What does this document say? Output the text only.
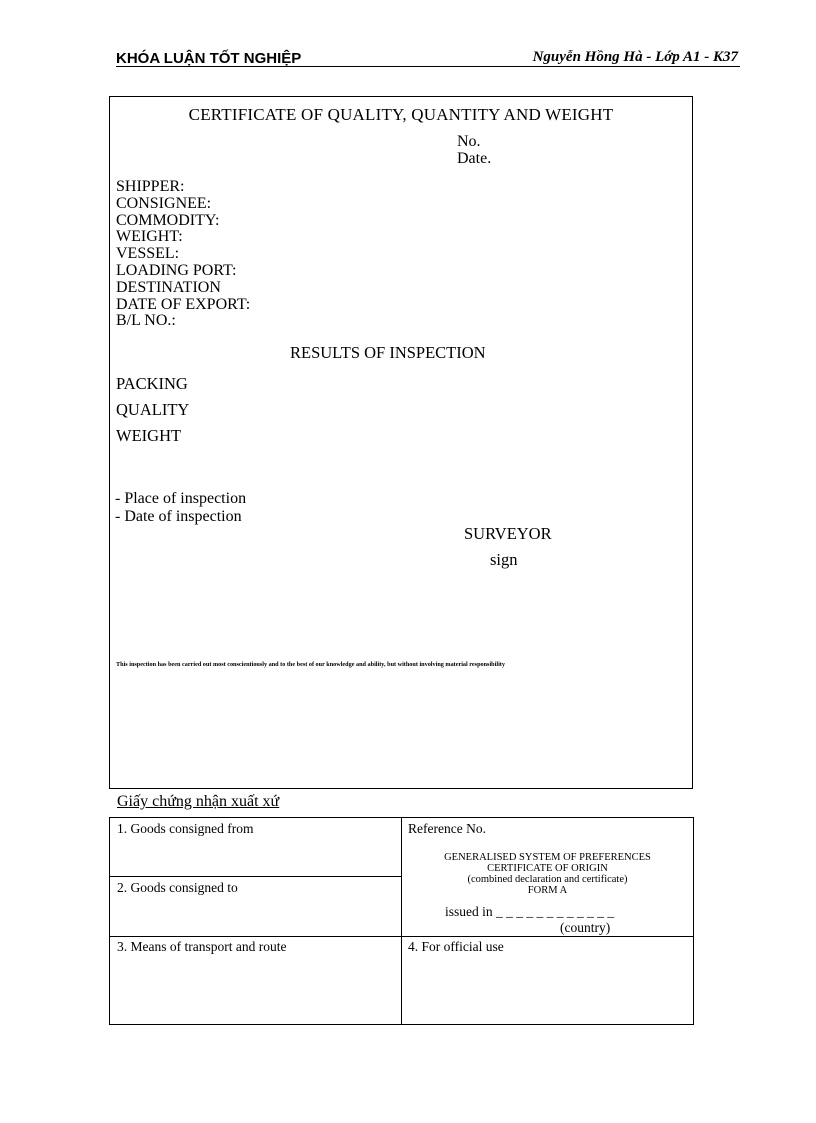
KHÓA LUẬN TỐT NGHIỆP	Nguyễn Hồng Hà - Lớp A1 - K37
CERTIFICATE OF QUALITY, QUANTITY AND WEIGHT
No.
Date.
SHIPPER:
CONSIGNEE:
COMMODITY:
WEIGHT:
VESSEL:
LOADING PORT:
DESTINATION
DATE OF EXPORT:
B/L NO.:
RESULTS OF INSPECTION
PACKING
QUALITY
WEIGHT
- Place of inspection
- Date of inspection
SURVEYOR
sign
This inspection has been carried out most conscientiously and to the best of our knowledge and ability, but without involving material responsibility
Giấy chứng nhận xuất xứ
1. Goods consigned from
2. Goods consigned to
3. Means of transport and route
Reference No.
GENERALISED SYSTEM OF PREFERENCES
CERTIFICATE OF ORIGIN
(combined declaration and certificate)
FORM A
issued in _ _ _ _ _ _ _ _ _ _ _ _
(country)
4. For official use
